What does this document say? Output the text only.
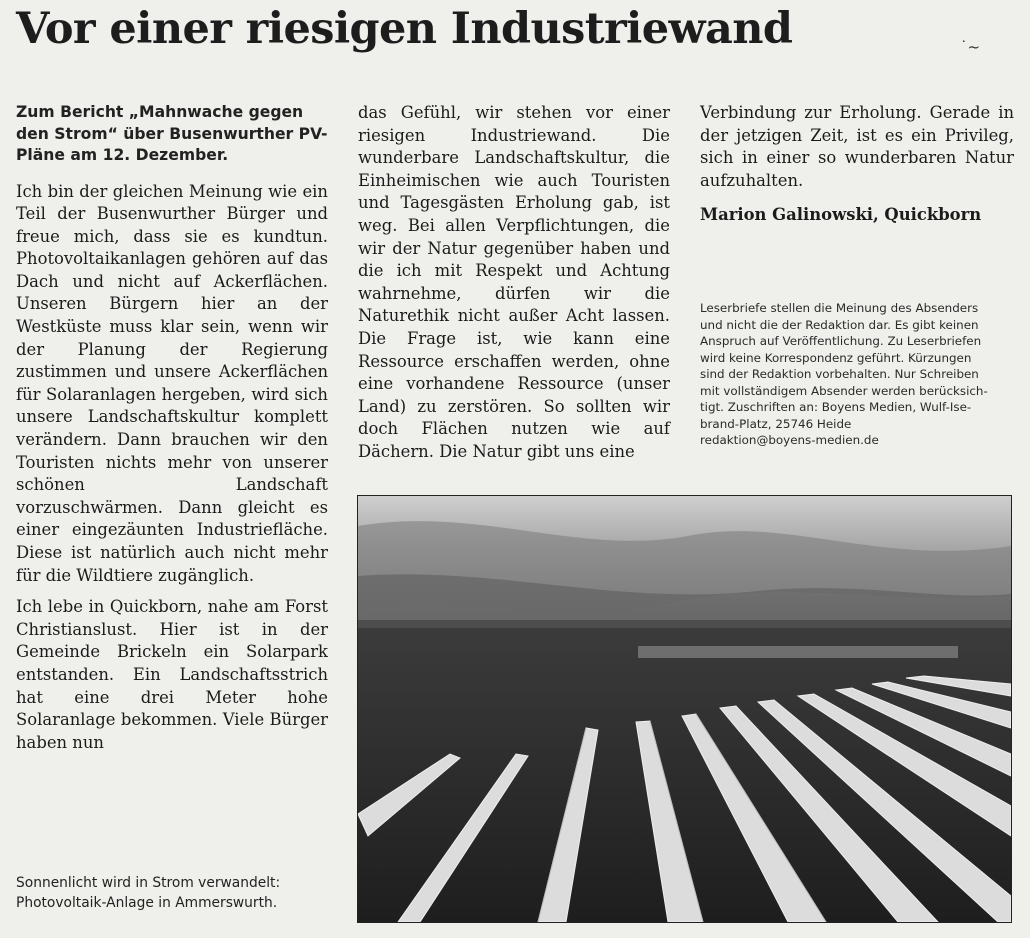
Vor einer riesigen Industriewand	˙~

Zum Bericht „Mahnwache gegen den Strom“ über Busenwurther PV-Pläne am 12. Dezember.

Ich bin der gleichen Meinung wie ein Teil der Busenwurther Bürger und freue mich, dass sie es kundtun. Photovoltaikanlagen gehören auf das Dach und nicht auf Ackerflächen. Unseren Bürgern hier an der Westküste muss klar sein, wenn wir der Planung der Regierung zustimmen und unsere Ackerflächen für Solaranlagen hergeben, wird sich unsere Landschaftskultur komplett verändern. Dann brauchen wir den Touristen nichts mehr von unserer schönen Landschaft vorzuschwärmen. Dann gleicht es einer eingezäunten Industriefläche. Diese ist natürlich auch nicht mehr für die Wildtiere zugänglich.

Ich lebe in Quickborn, nahe am Forst Christianslust. Hier ist in der Gemeinde Brickeln ein Solarpark entstanden. Ein Landschaftsstrich hat eine drei Meter hohe Solaranlage bekommen. Viele Bürger haben nun

das Gefühl, wir stehen vor einer riesigen Industriewand. Die wunderbare Landschaftskultur, die Einheimischen wie auch Touristen und Tagesgästen Erholung gab, ist weg. Bei allen Verpflichtungen, die wir der Natur gegenüber haben und die ich mit Respekt und Achtung wahrnehme, dürfen wir die Naturethik nicht außer Acht lassen. Die Frage ist, wie kann eine Ressource erschaffen werden, ohne eine vorhandene Ressource (unser Land) zu zerstören. So sollten wir doch Flächen nutzen wie auf Dächern. Die Natur gibt uns eine

Verbindung zur Erholung. Gerade in der jetzigen Zeit, ist es ein Privileg, sich in einer so wunderbaren Natur aufzuhalten.

Marion Galinowski, Quickborn

Leserbriefe stellen die Meinung des Absenders

und nicht die der Redaktion dar. Es gibt keinen

Anspruch auf Veröffentlichung. Zu Leserbriefen

wird keine Korrespondenz geführt. Kürzungen

sind der Redaktion vorbehalten. Nur Schreiben

mit vollständigem Absender werden berücksich-

tigt. Zuschriften an: Boyens Medien, Wulf-Ise-

brand-Platz, 25746 Heide

redaktion@boyens-medien.de

Sonnenlicht wird in Strom verwandelt:

Photovoltaik-Anlage in Ammerswurth.
